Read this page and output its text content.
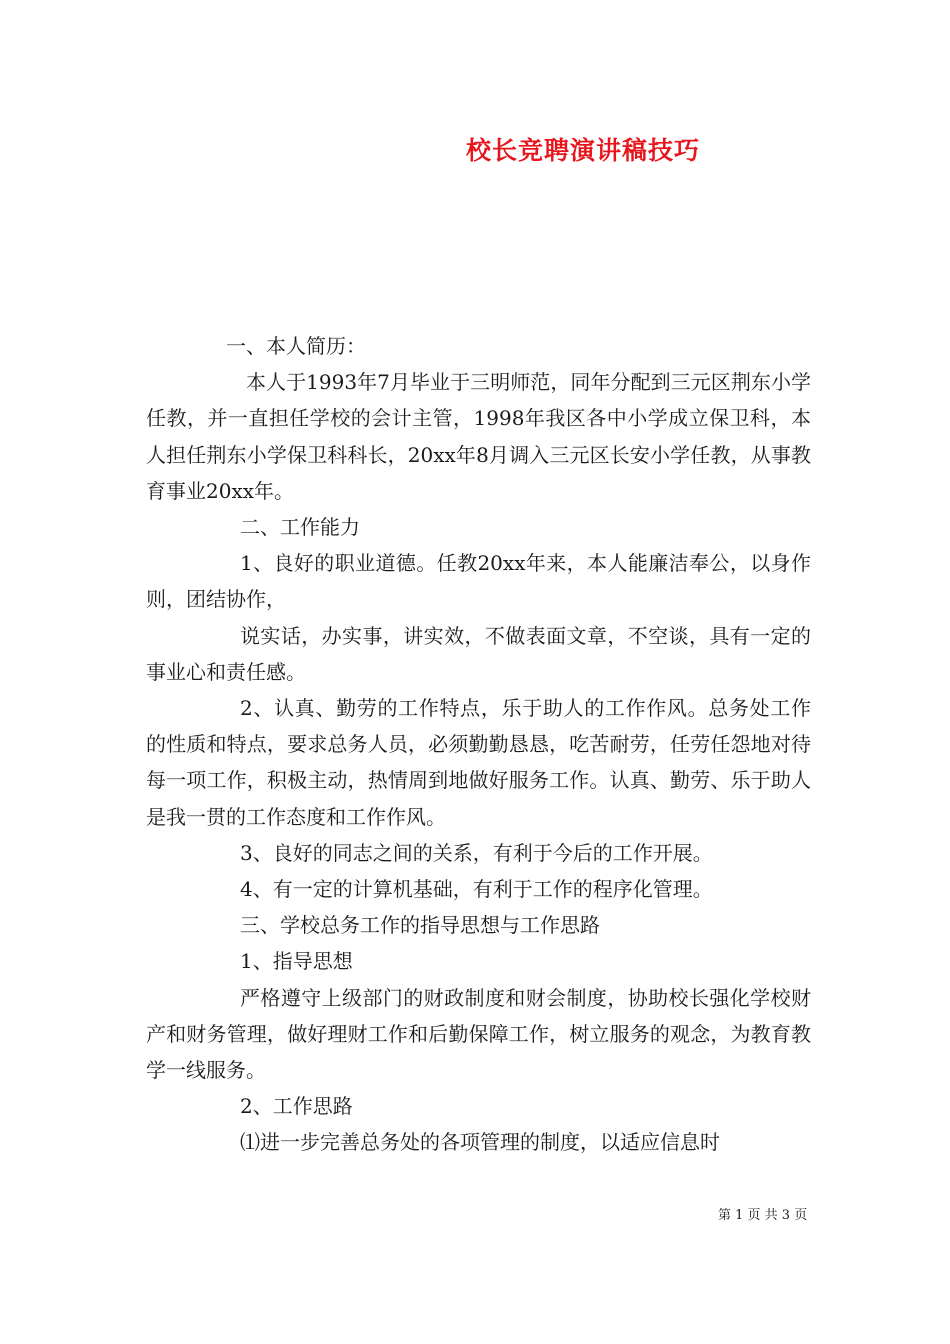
校长竞聘演讲稿技巧

一、本人简历：

本人于1993年7月毕业于三明师范，同年分配到三元区荆东小学任教，并一直担任学校的会计主管，1998年我区各中小学成立保卫科，本人担任荆东小学保卫科科长，20xx年8月调入三元区长安小学任教，从事教育事业20xx年。

二、工作能力

1、良好的职业道德。任教20xx年来，本人能廉洁奉公，以身作则，团结协作，

说实话，办实事，讲实效，不做表面文章，不空谈，具有一定的事业心和责任感。

2、认真、勤劳的工作特点，乐于助人的工作作风。总务处工作的性质和特点，要求总务人员，必须勤勤恳恳，吃苦耐劳，任劳任怨地对待每一项工作，积极主动，热情周到地做好服务工作。认真、勤劳、乐于助人是我一贯的工作态度和工作作风。

3、良好的同志之间的关系，有利于今后的工作开展。

4、有一定的计算机基础，有利于工作的程序化管理。

三、学校总务工作的指导思想与工作思路

1、指导思想

严格遵守上级部门的财政制度和财会制度，协助校长强化学校财产和财务管理，做好理财工作和后勤保障工作，树立服务的观念，为教育教学一线服务。

2、工作思路

⑴进一步完善总务处的各项管理的制度，以适应信息时

第 1 页 共 3 页
